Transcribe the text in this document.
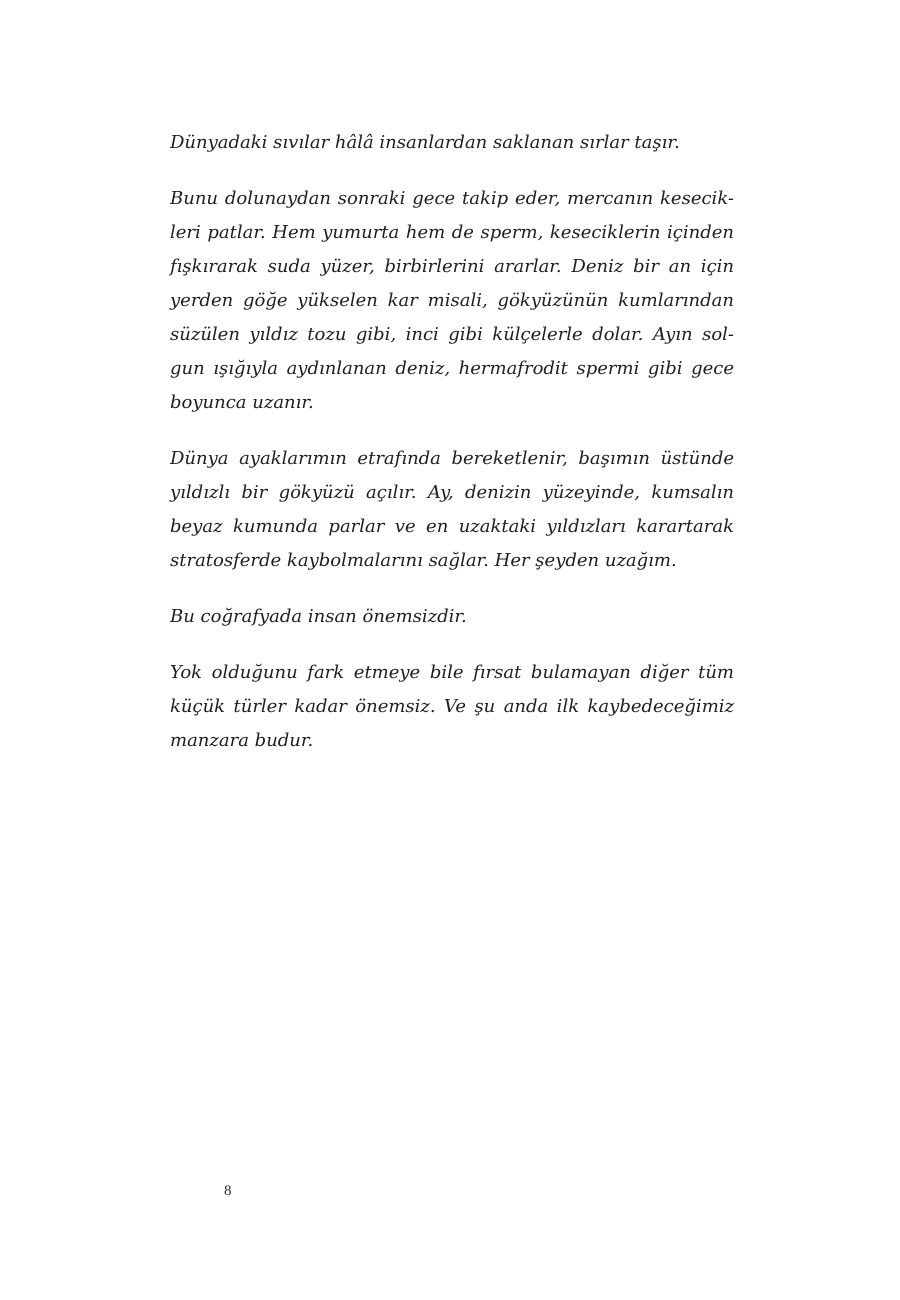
Dünyadaki sıvılar hâlâ insanlardan saklanan sırlar taşır.

Bunu dolunaydan sonraki gece takip eder, mercanın kesecik-
leri patlar. Hem yumurta hem de sperm, keseciklerin içinden
fışkırarak suda yüzer, birbirlerini ararlar. Deniz bir an için
yerden göğe yükselen kar misali, gökyüzünün kumlarından
süzülen yıldız tozu gibi, inci gibi külçelerle dolar. Ayın sol-
gun ışığıyla aydınlanan deniz, hermafrodit spermi gibi gece
boyunca uzanır.

Dünya ayaklarımın etrafında bereketlenir, başımın üstünde
yıldızlı bir gökyüzü açılır. Ay, denizin yüzeyinde, kumsalın
beyaz kumunda parlar ve en uzaktaki yıldızları karartarak
stratosferde kaybolmalarını sağlar. Her şeyden uzağım.

Bu coğrafyada insan önemsizdir.

Yok olduğunu fark etmeye bile fırsat bulamayan diğer tüm
küçük türler kadar önemsiz. Ve şu anda ilk kaybedeceğimiz
manzara budur.

8
